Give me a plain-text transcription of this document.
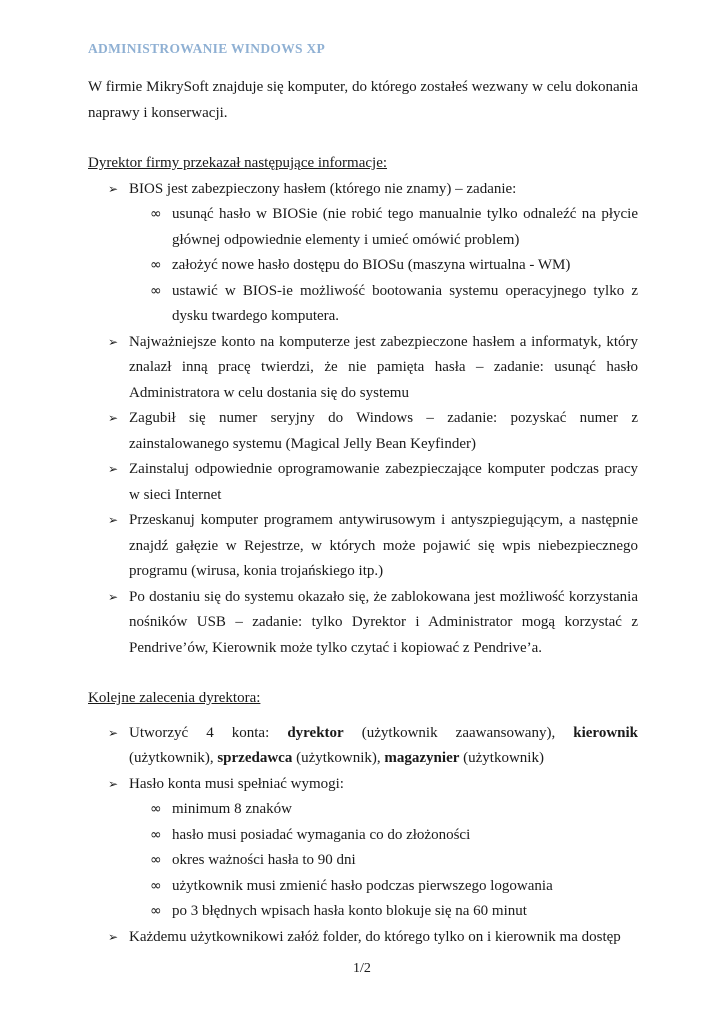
ADMINISTROWANIE WINDOWS XP

W firmie MikrySoft znajduje się komputer, do którego zostałeś wezwany w celu dokonania naprawy i konserwacji.

Dyrektor firmy przekazał następujące informacje:

➢ BIOS jest zabezpieczony hasłem (którego nie znamy) – zadanie:
∞ usunąć hasło w BIOSie (nie robić tego manualnie tylko odnaleźć na płycie głównej odpowiednie elementy i umieć omówić problem)
∞ założyć nowe hasło dostępu do BIOSu (maszyna wirtualna - WM)
∞ ustawić w BIOS-ie możliwość bootowania systemu operacyjnego tylko z dysku twardego komputera.
➢ Najważniejsze konto na komputerze jest zabezpieczone hasłem a informatyk, który znalazł inną pracę twierdzi, że nie pamięta hasła – zadanie: usunąć hasło Administratora w celu dostania się do systemu
➢ Zagubił się numer seryjny do Windows – zadanie: pozyskać numer z zainstalowanego systemu (Magical Jelly Bean Keyfinder)
➢ Zainstaluj odpowiednie oprogramowanie zabezpieczające komputer podczas pracy w sieci Internet
➢ Przeskanuj komputer programem antywirusowym i antyszpiegującym, a następnie znajdź gałęzie w Rejestrze, w których może pojawić się wpis niebezpiecznego programu (wirusa, konia trojańskiego itp.)
➢ Po dostaniu się do systemu okazało się, że zablokowana jest możliwość korzystania nośników USB – zadanie: tylko Dyrektor i Administrator mogą korzystać z Pendrive’ów, Kierownik może tylko czytać i kopiować z Pendrive’a.

Kolejne zalecenia dyrektora:

➢ Utworzyć 4 konta: dyrektor (użytkownik zaawansowany), kierownik (użytkownik), sprzedawca (użytkownik), magazynier (użytkownik)
➢ Hasło konta musi spełniać wymogi:
∞ minimum 8 znaków
∞ hasło musi posiadać wymagania co do złożoności
∞ okres ważności hasła to 90 dni
∞ użytkownik musi zmienić hasło podczas pierwszego logowania
∞ po 3 błędnych wpisach hasła konto blokuje się na 60 minut
➢ Każdemu użytkownikowi załóż folder, do którego tylko on i kierownik ma dostęp
1/2
